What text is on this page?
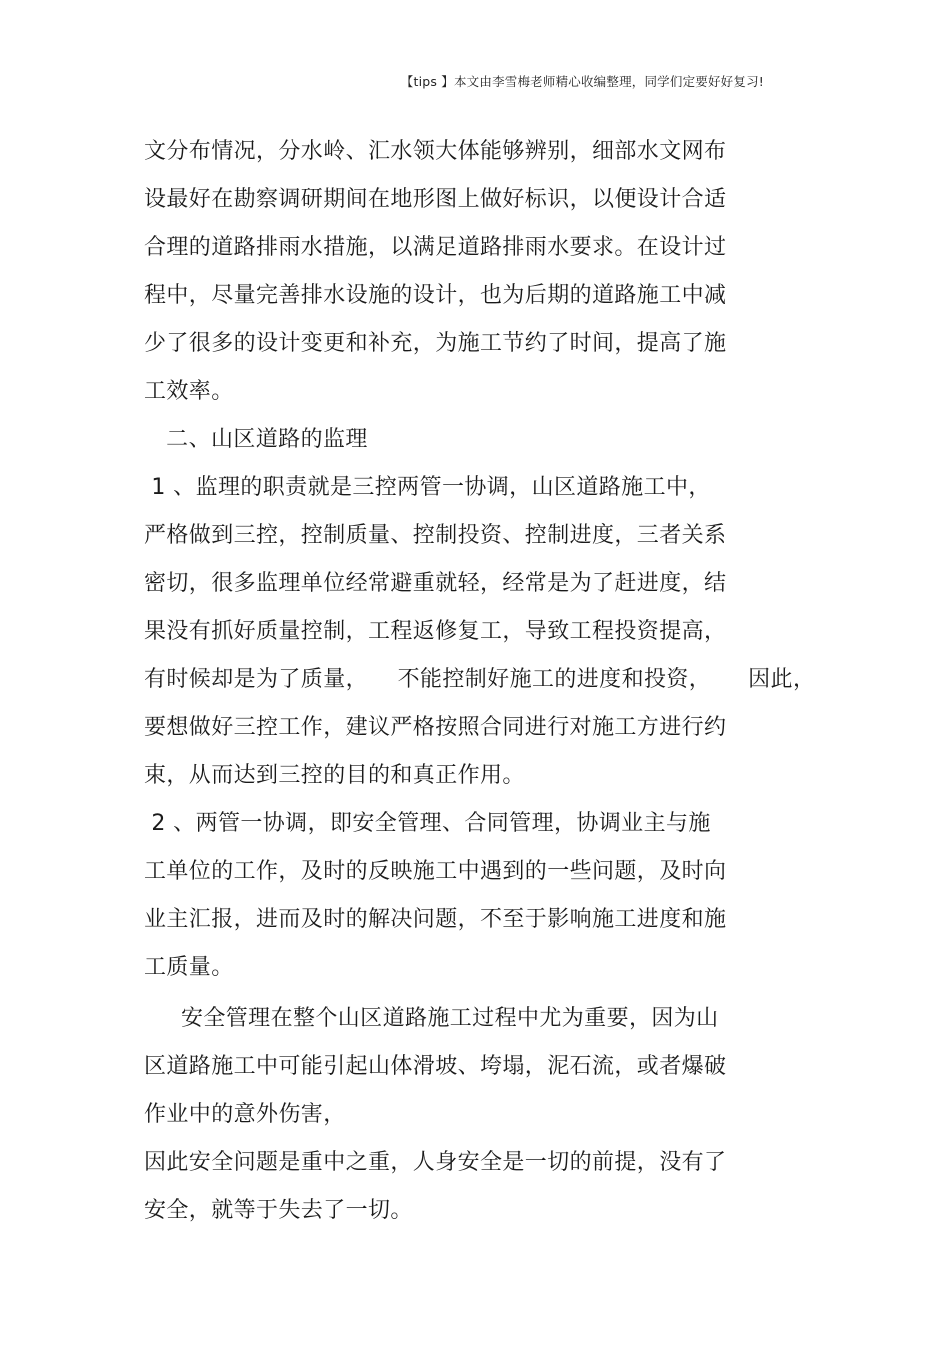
【tips 】本文由李雪梅老师精心收编整理，同学们定要好好复习!
文分布情况，分水岭、汇水领大体能够辨别，细部水文网布
设最好在勘察调研期间在地形图上做好标识，以便设计合适
合理的道路排雨水措施，以满足道路排雨水要求。在设计过
程中，尽量完善排水设施的设计，也为后期的道路施工中减
少了很多的设计变更和补充，为施工节约了时间，提高了施
工效率。
二、山区道路的监理
1 、监理的职责就是三控两管一协调，山区道路施工中，
严格做到三控，控制质量、控制投资、控制进度，三者关系
密切，很多监理单位经常避重就轻，经常是为了赶进度，结
果没有抓好质量控制，工程返修复工，导致工程投资提高，
有时候却是为了质量，    不能控制好施工的进度和投资，     因此，
要想做好三控工作，建议严格按照合同进行对施工方进行约
束，从而达到三控的目的和真正作用。
2 、两管一协调，即安全管理、合同管理，协调业主与施
工单位的工作，及时的反映施工中遇到的一些问题，及时向
业主汇报，进而及时的解决问题，不至于影响施工进度和施
工质量。
安全管理在整个山区道路施工过程中尤为重要，因为山
区道路施工中可能引起山体滑坡、垮塌，泥石流，或者爆破
作业中的意外伤害，
因此安全问题是重中之重，人身安全是一切的前提，没有了
安全，就等于失去了一切。
